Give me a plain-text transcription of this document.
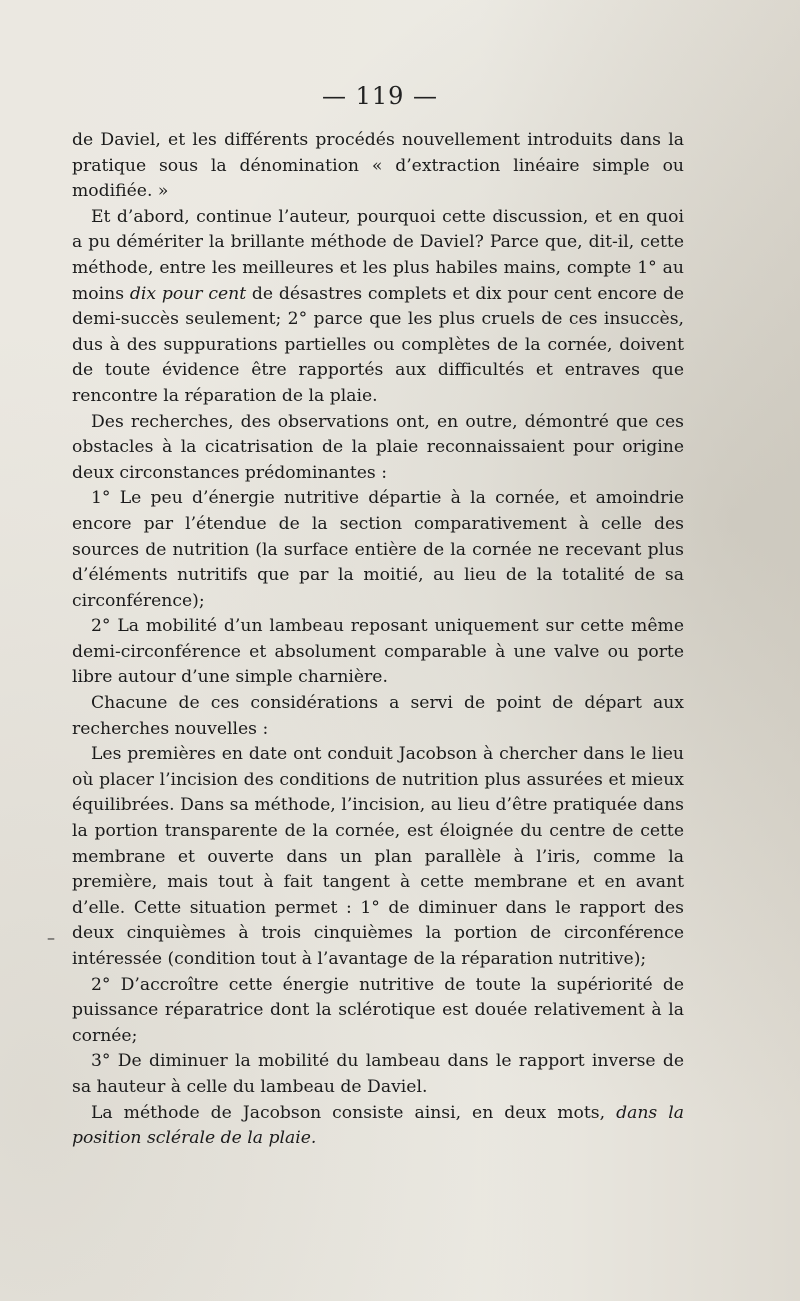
— 119 —

de Daviel, et les différents procédés nouvellement introduits dans la pratique sous la dénomination « d’extraction linéaire simple ou modifiée. »

Et d’abord, continue l’auteur, pourquoi cette discussion, et en quoi a pu démériter la brillante méthode de Daviel? Parce que, dit-il, cette méthode, entre les meilleures et les plus habiles mains, compte 1° au moins dix pour cent de désastres complets et dix pour cent encore de demi-succès seulement; 2° parce que les plus cruels de ces insuccès, dus à des suppurations partielles ou complètes de la cornée, doivent de toute évidence être rapportés aux difficultés et entraves que rencontre la réparation de la plaie.

Des recherches, des observations ont, en outre, démontré que ces obstacles à la cicatrisation de la plaie reconnaissaient pour origine deux circonstances prédominantes :

1° Le peu d’énergie nutritive départie à la cornée, et amoindrie encore par l’étendue de la section comparativement à celle des sources de nutrition (la surface entière de la cornée ne recevant plus d’éléments nutritifs que par la moitié, au lieu de la totalité de sa circonférence);

2° La mobilité d’un lambeau reposant uniquement sur cette même demi-circonférence et absolument comparable à une valve ou porte libre autour d’une simple charnière.

Chacune de ces considérations a servi de point de départ aux recherches nouvelles :

Les premières en date ont conduit Jacobson à chercher dans le lieu où placer l’incision des conditions de nutrition plus assurées et mieux équilibrées. Dans sa méthode, l’incision, au lieu d’être pratiquée dans la portion transparente de la cornée, est éloignée du centre de cette membrane et ouverte dans un plan parallèle à l’iris, comme la première, mais tout à fait tangent à cette membrane et en avant d’elle. Cette situation permet : 1° de diminuer dans le rapport des deux cinquièmes à trois cinquièmes la portion de circonférence intéressée (condition tout à l’avantage de la réparation nutritive);

2° D’accroître cette énergie nutritive de toute la supériorité de puissance réparatrice dont la sclérotique est douée relativement à la cornée;

3° De diminuer la mobilité du lambeau dans le rapport inverse de sa hauteur à celle du lambeau de Daviel.

La méthode de Jacobson consiste ainsi, en deux mots, dans la position sclérale de la plaie.

–
